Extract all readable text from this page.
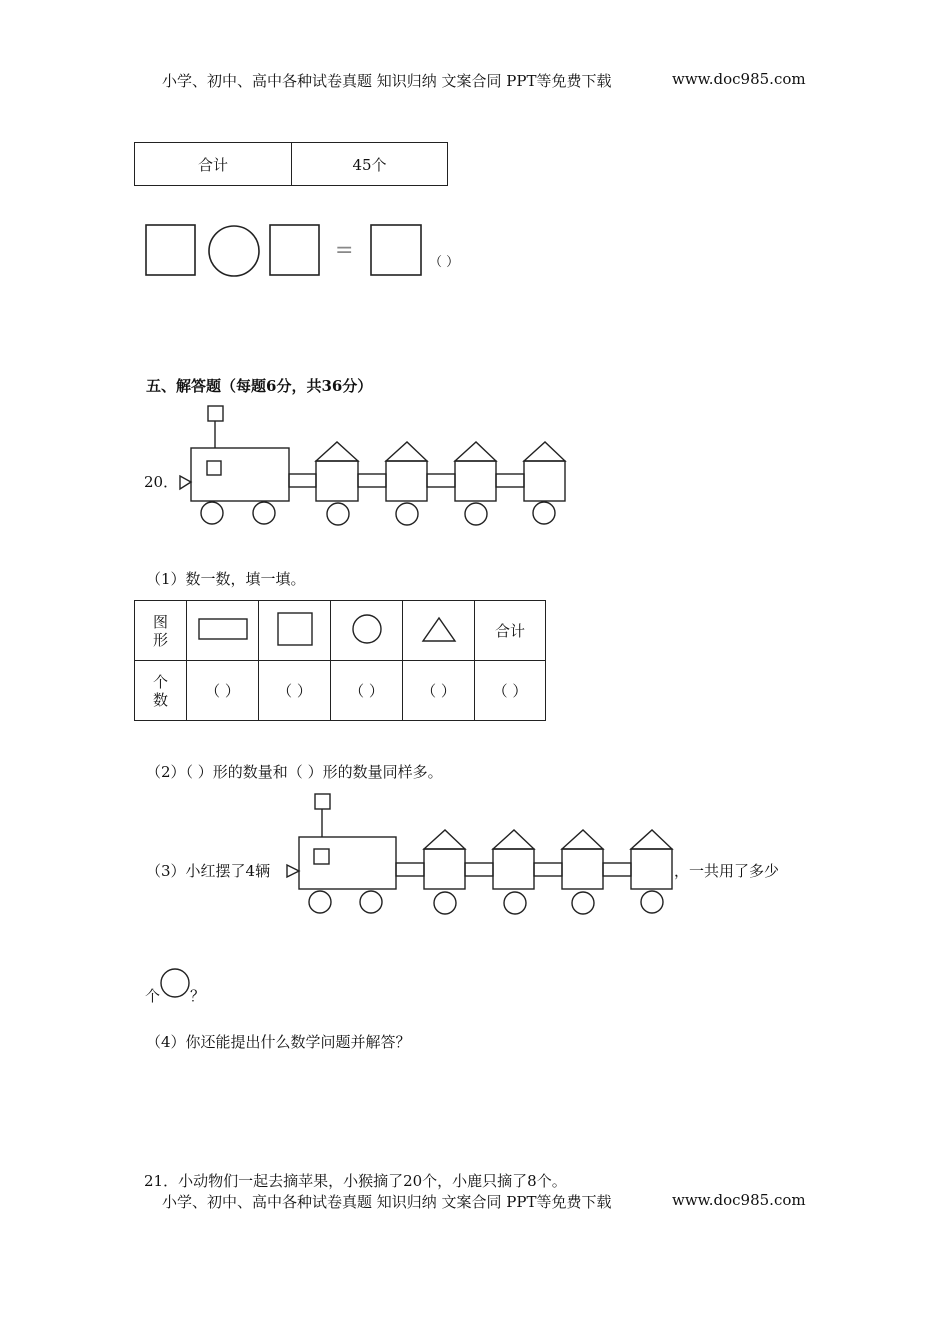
小学、初中、高中各种试卷真题 知识归纳 文案合同 PPT等免费下载	www.doc985.com
合计	45个
=	（ ）
五、解答题（每题6分，共36分）
20．
（1）数一数，填一填。
图
形					合计

个
数	（ ）	（ ）	（ ）	（ ）	（ ）
（2）（ ）形的数量和（ ）形的数量同样多。
（3）小红摆了4辆	，一共用了多少
个 ？
（4）你还能提出什么数学问题并解答？
21．小动物们一起去摘苹果，小猴摘了20个，小鹿只摘了8个。
小学、初中、高中各种试卷真题 知识归纳 文案合同 PPT等免费下载	www.doc985.com
